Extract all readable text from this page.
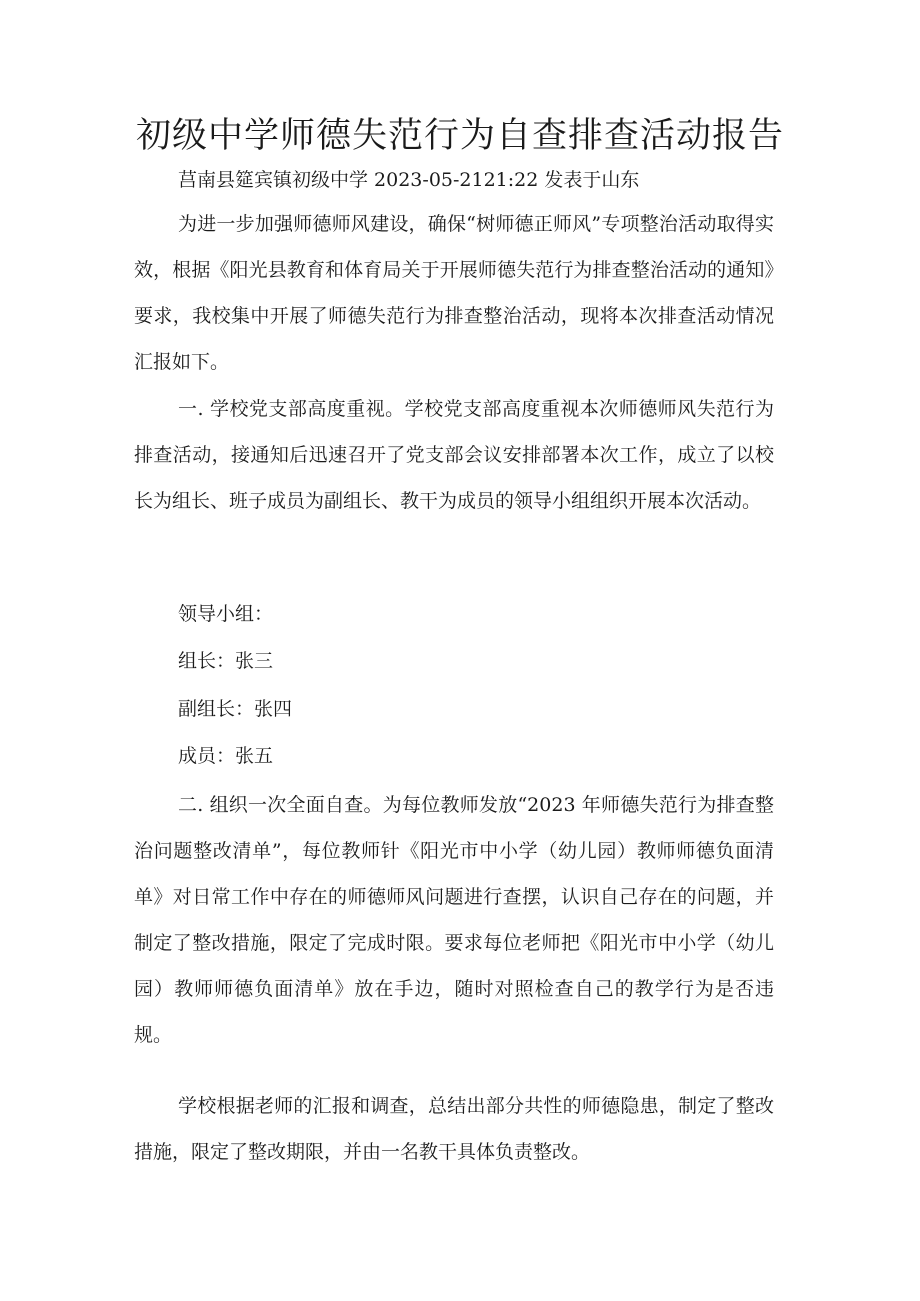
初级中学师德失范行为自查排查活动报告

莒南县筵宾镇初级中学 2023-05-2121:22 发表于山东

为进一步加强师德师风建设，确保“树师德正师风”专项整治活动取得实效，根据《阳光县教育和体育局关于开展师德失范行为排查整治活动的通知》要求，我校集中开展了师德失范行为排查整治活动，现将本次排查活动情况汇报如下。

一. 学校党支部高度重视。学校党支部高度重视本次师德师风失范行为排查活动，接通知后迅速召开了党支部会议安排部署本次工作，成立了以校长为组长、班子成员为副组长、教干为成员的领导小组组织开展本次活动。

领导小组：

组长：张三

副组长：张四

成员：张五

二. 组织一次全面自查。为每位教师发放“2023 年师德失范行为排查整治问题整改清单”，每位教师针《阳光市中小学（幼儿园）教师师德负面清单》对日常工作中存在的师德师风问题进行查摆，认识自己存在的问题，并制定了整改措施，限定了完成时限。要求每位老师把《阳光市中小学（幼儿园）教师师德负面清单》放在手边，随时对照检查自己的教学行为是否违规。

学校根据老师的汇报和调查，总结出部分共性的师德隐患，制定了整改措施，限定了整改期限，并由一名教干具体负责整改。
